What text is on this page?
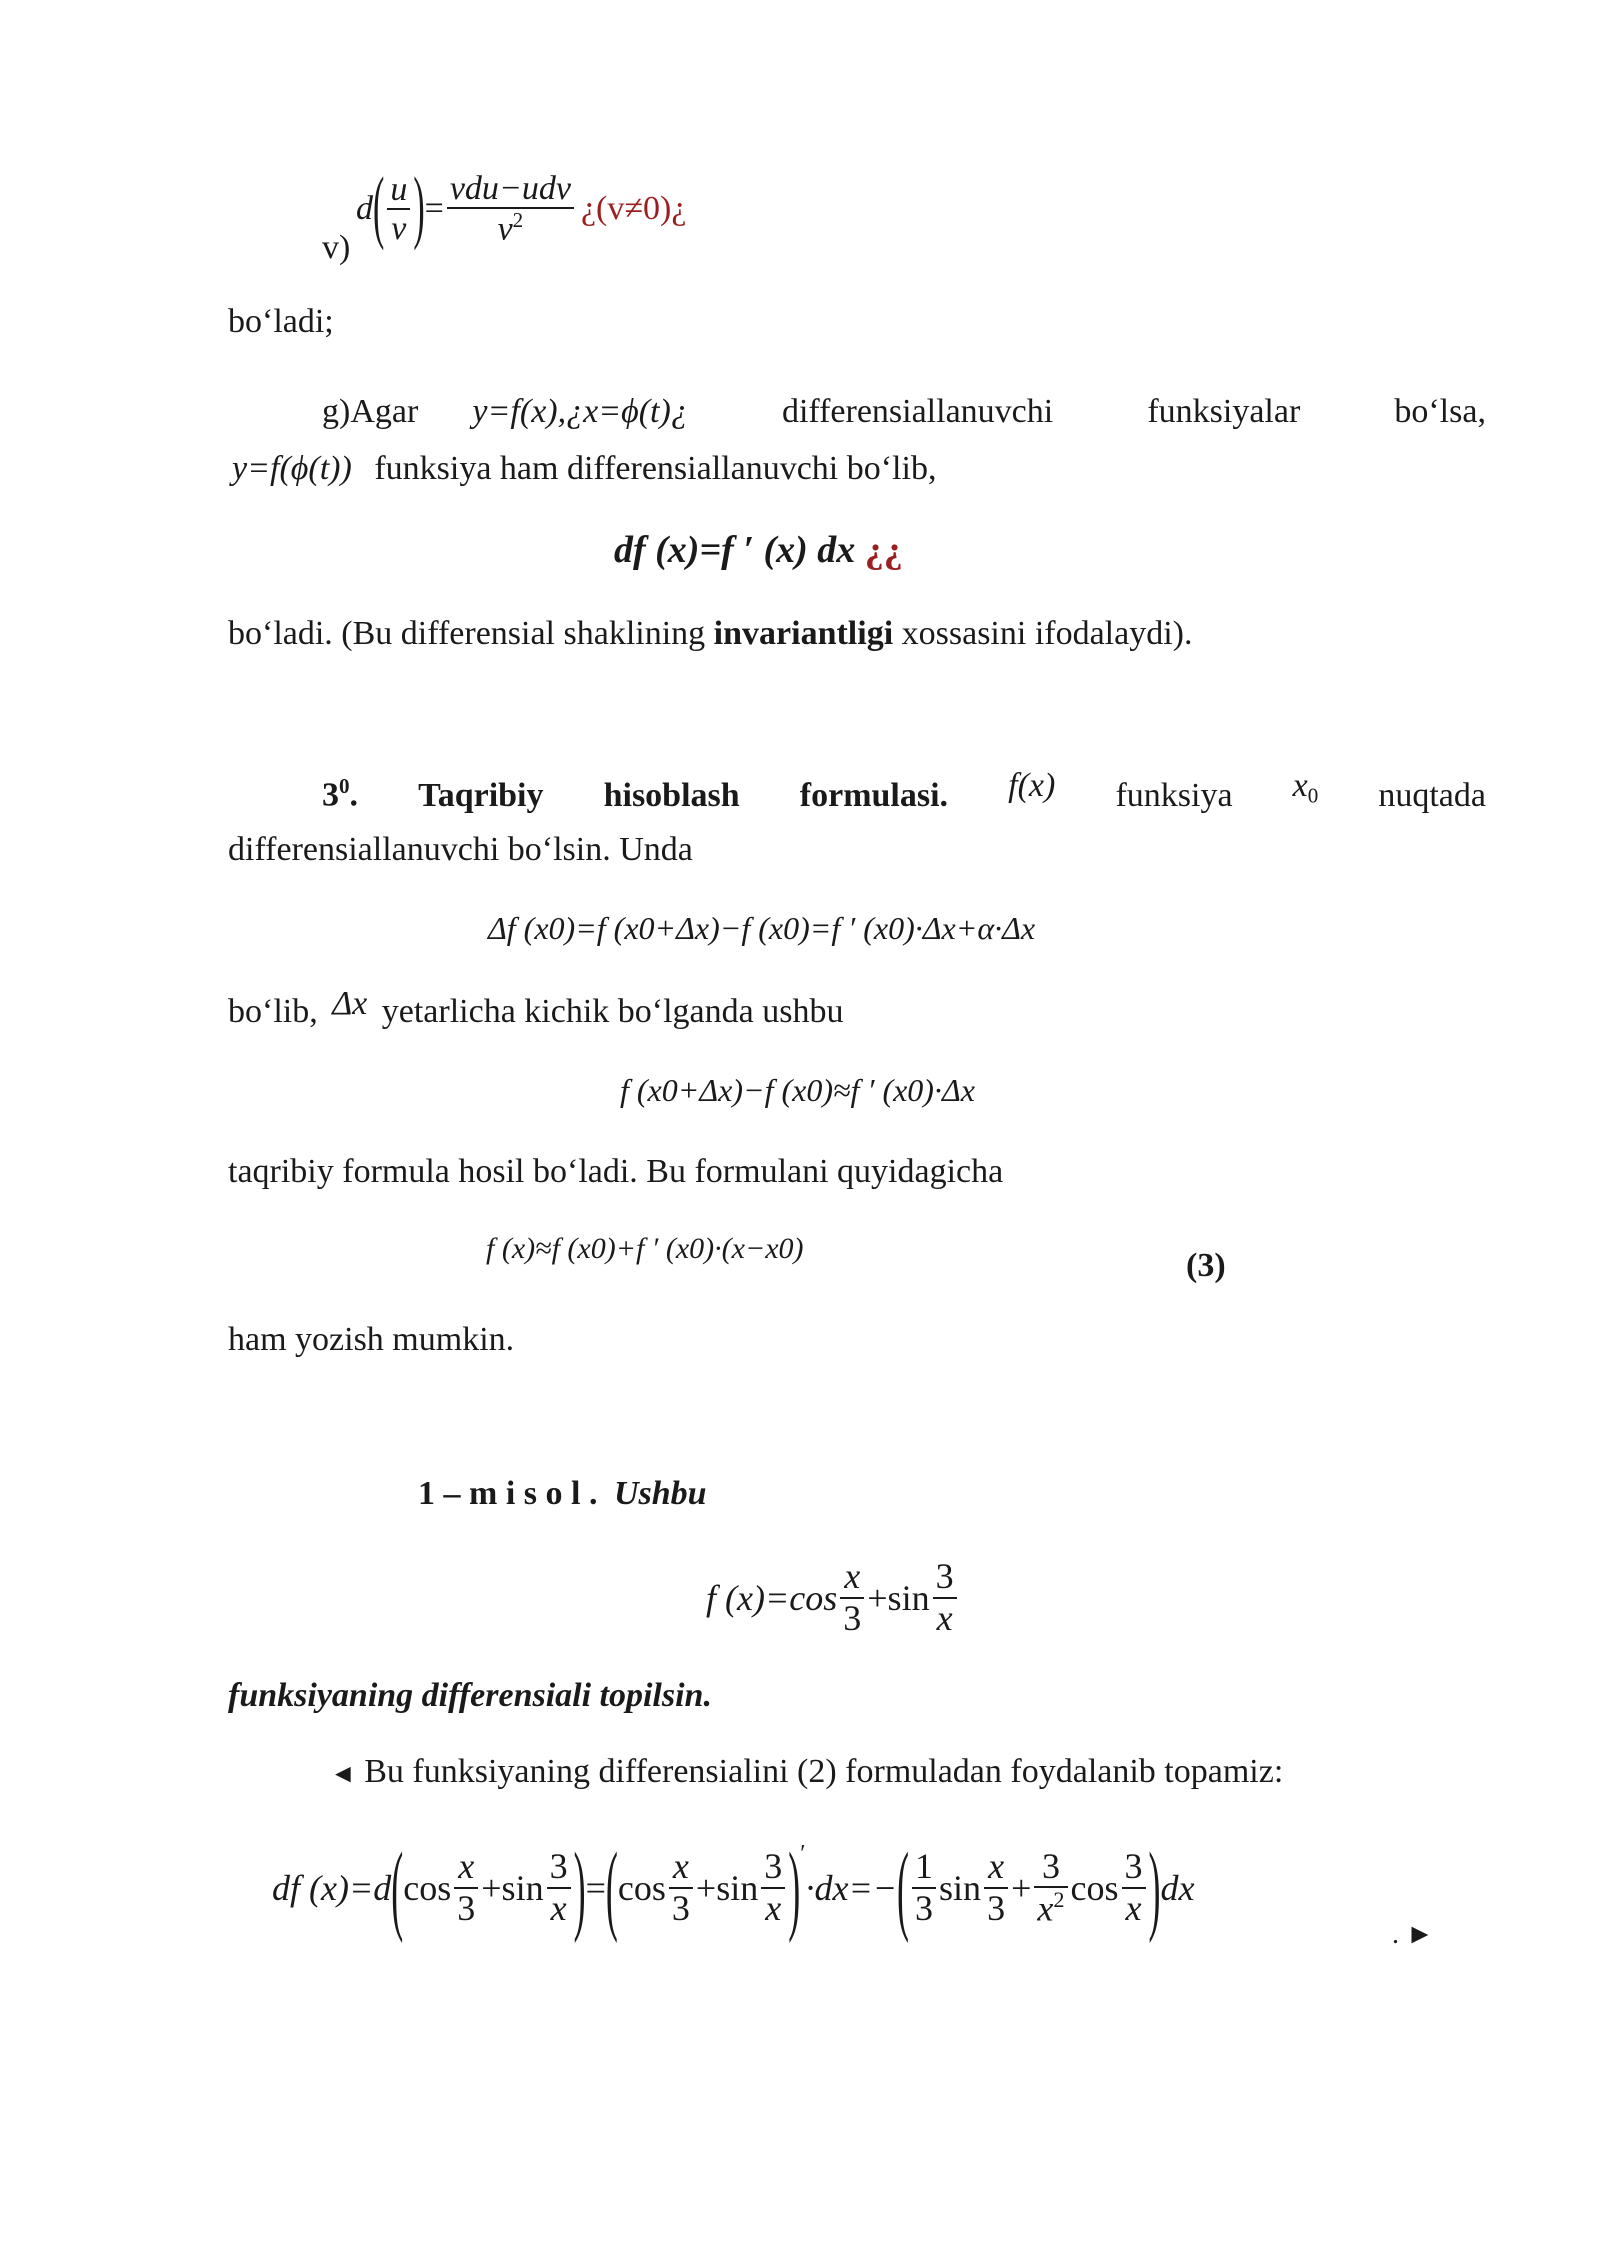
v)
d ( $\frac{u}{v}$ ) = $\frac{\text{vdu−udv}}{v^2}$ ¿(v≠0)¿
bo‘ladi;
g)Agar y=f(x),¿x=ϕ(t)¿	differensiallanuvchi	funksiyalar	bo‘lsa,
y=f(ϕ(t)) funksiya ham differensiallanuvchi bo‘lib,
df (x)=f ′ (x) dx ¿¿
bo‘ladi. (Bu differensial shaklining invariantligi xossasini ifodalaydi).
$3^0$. Taqribiy hisoblash formulasi. f(x) funksiya $x_0$ nuqtada
differensiallanuvchi bo‘lsin. Unda
Δf (x0)=f (x0+Δx)−f (x0)=f ′ (x0)·Δx+α·Δx
bo‘lib, Δx yetarlicha kichik bo‘lganda ushbu
f (x0+Δx)−f (x0)≈f ′ (x0)·Δx
taqribiy formula hosil bo‘ladi. Bu formulani quyidagicha
f (x)≈f (x0)+f ′ (x0)·(x−x0)	(3)
ham yozish mumkin.
1 – m i s o l . Ushbu
f $(x)=\cos \frac{x}{3} +\sin \frac{3}{x}$
funksiyaning differensiali topilsin.
◄ Bu funksiyaning differensialini (2) formuladan foydalanib topamiz:
df (x)=d ( $\cos \frac{x}{3} +\sin \frac{3}{x}$ ) = ( $\cos \frac{x}{3} +\sin \frac{3}{x}$ ) ′
·dx=− ( $\frac{1}{3}$ $\sin \frac{x}{3} + \frac{3}{x^2}$ $\cos \frac{3}{x}$ ) dx
. ►
